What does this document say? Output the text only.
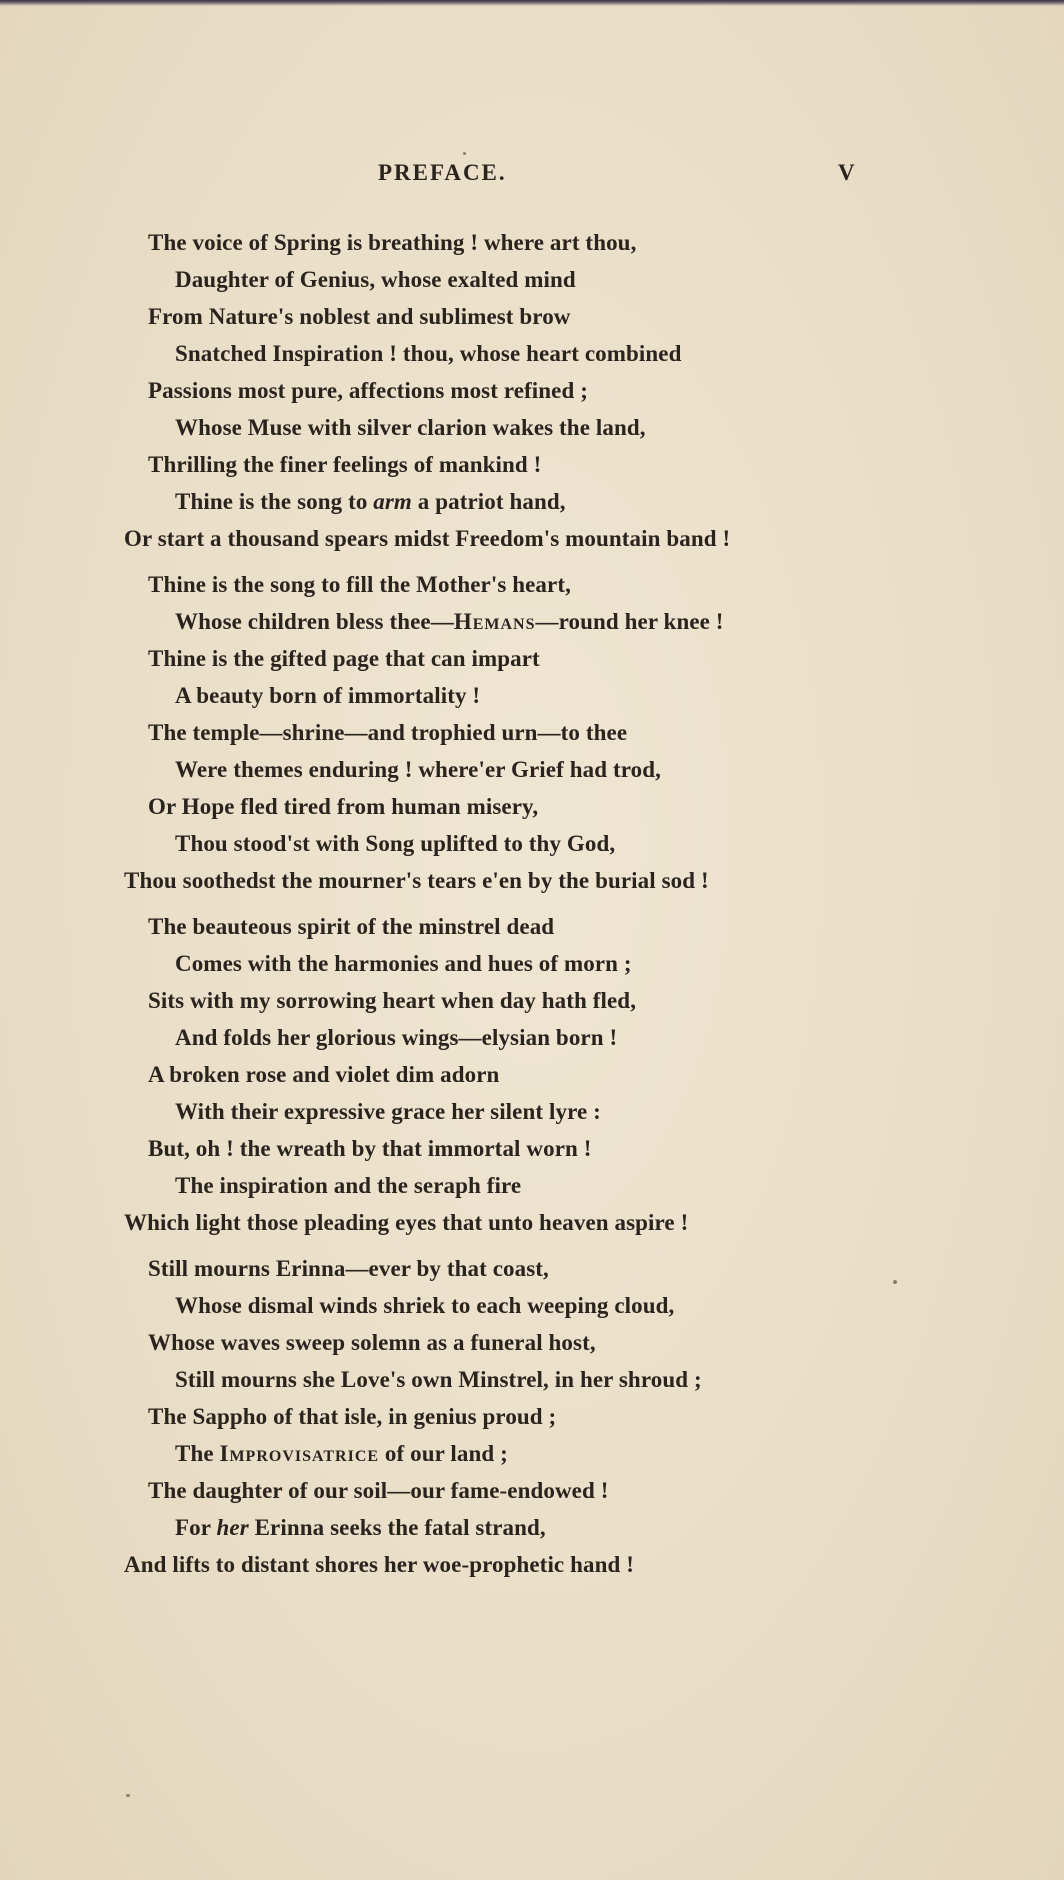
PREFACE.	V
The voice of Spring is breathing ! where art thou,
Daughter of Genius, whose exalted mind
From Nature's noblest and sublimest brow
Snatched Inspiration ! thou, whose heart combined
Passions most pure, affections most refined ;
Whose Muse with silver clarion wakes the land,
Thrilling the finer feelings of mankind !
Thine is the song to arm a patriot hand,
Or start a thousand spears midst Freedom's mountain band !
Thine is the song to fill the Mother's heart,
Whose children bless thee—Hemans—round her knee !
Thine is the gifted page that can impart
A beauty born of immortality !
The temple—shrine—and trophied urn—to thee
Were themes enduring ! where'er Grief had trod,
Or Hope fled tired from human misery,
Thou stood'st with Song uplifted to thy God,
Thou soothedst the mourner's tears e'en by the burial sod !
The beauteous spirit of the minstrel dead
Comes with the harmonies and hues of morn ;
Sits with my sorrowing heart when day hath fled,
And folds her glorious wings—elysian born !
A broken rose and violet dim adorn
With their expressive grace her silent lyre :
But, oh ! the wreath by that immortal worn !
The inspiration and the seraph fire
Which light those pleading eyes that unto heaven aspire !
Still mourns Erinna—ever by that coast,
Whose dismal winds shriek to each weeping cloud,
Whose waves sweep solemn as a funeral host,
Still mourns she Love's own Minstrel, in her shroud ;
The Sappho of that isle, in genius proud ;
The Improvisatrice of our land ;
The daughter of our soil—our fame-endowed !
For her Erinna seeks the fatal strand,
And lifts to distant shores her woe-prophetic hand !
